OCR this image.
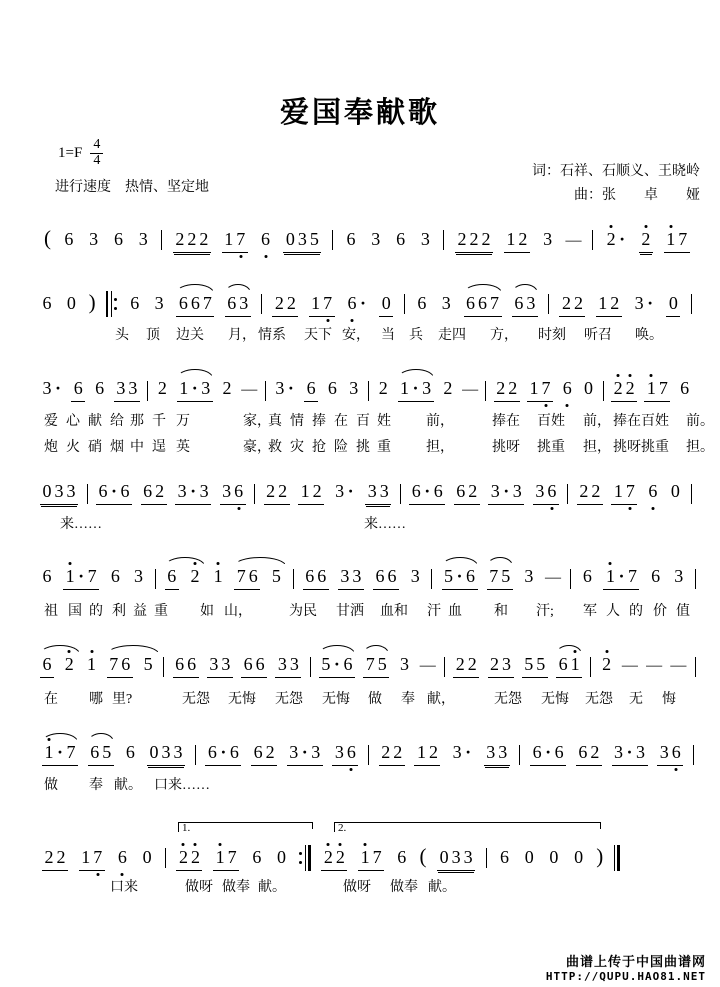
爱国奉献歌
$1=F \frac{4}{4}$
进行速度　热情、坚定地
词：石祥、石顺义、王晓岭
曲：张　　卓　　娅
( 6 3 6 3 2 2 2 1 7 6 0 3 5 6 3 6 3 2 2 2 1 2 3 — 2 · 2 1 7
6 0 ) 6 3 6 6 7 6 3 2 2 1 7 6 · 0 6 3 6 6 7 6 3 2 2 1 2 3 · 0
头 顶 边关 月， 情系 天下 安， 当 兵 走四 方， 时刻 听召 唤。
3 · 6 6 3 3 2 1 · 3 2 — 3 · 6 6 3 2 1 · 3 2 — 2 2 1 7 6 0 2 2 1 7 6
爱 心 献 给 那 千 万	家，
真 情 捧 在 百 姓	前，	捧在 百姓 前， 捧在百姓 前。
炮 火 硝 烟 中 逞 英	豪，
救 灾 抢 险 挑 重	担，	挑呀 挑重 担， 挑呀挑重 担。
0 3 3 6 · 6 6 2 3 · 3 3 6 2 2 1 2 3 · 3 3 6 · 6 6 2 3 · 3 3 6 2 2 1 7 6 0
来……	来……
6 1 · 7 6 3 6 2 1 7 6 5 6 6 3 3 6 6 3 5 · 6 7 5 3 — 6 1 · 7 6 3
祖 国 的 利 益 重 如 山，	为民 甘洒 血和 汗 血 和 汗; 军 人 的 价 值
6 2 1 7 6 5 6 6 3 3 6 6 3 3 5 · 6 7 5 3 — 2 2 2 3 5 5 6 1 2 — — —
在 哪 里?	无怨 无悔 无怨 无悔 做 奉 献，	无怨 无悔 无怨 无 悔
1 · 7 6 5 6 0 3 3 6 · 6 6 2 3 · 3 3 6 2 2 1 2 3 · 3 3 6 · 6 6 2 3 · 3 3 6
做 奉 献。 口来……
2 2 1 7 6 0 2 2 1 7 6 0 2 2 1 7 6 ( 0 3 3 6 0 0 0 )
口来	做呀 做奉 献。	做呀 做奉 献。
1.	2.
曲谱上传于中国曲谱网
HTTP://QUPU.HAO81.NET
